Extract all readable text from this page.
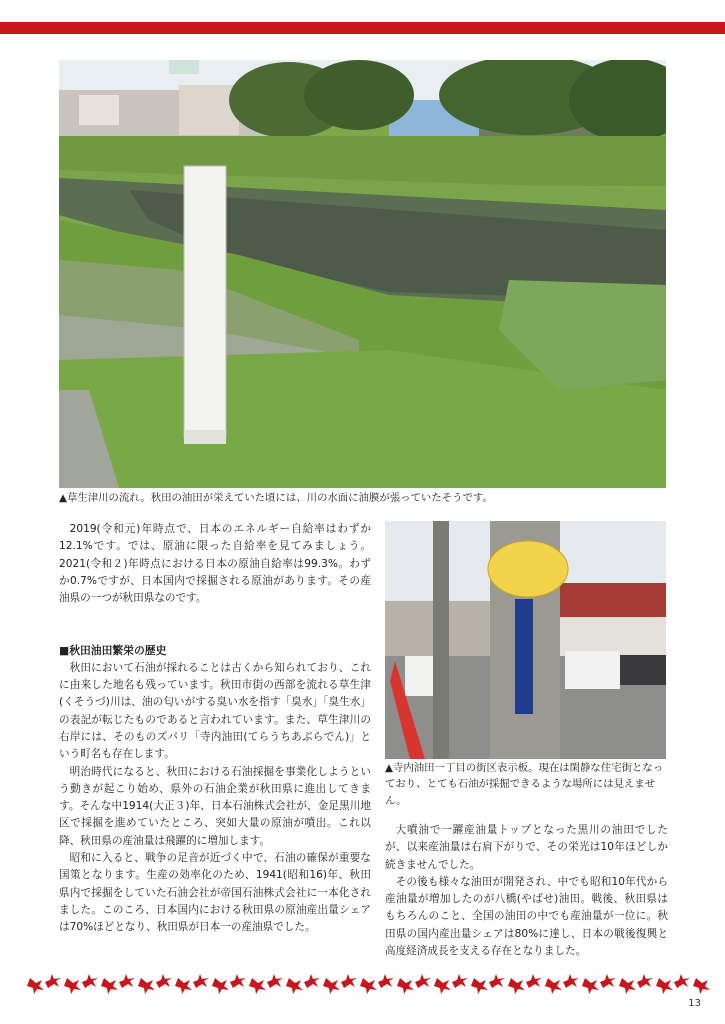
▲草生津川の流れ。秋田の油田が栄えていた頃には、川の水面に油膜が張っていたそうです。

2019(令和元)年時点で、日本のエネルギー自給率はわずか12.1%です。では、原油に限った自給率を見てみましょう。2021(令和２)年時点における日本の原油自給率は99.3%。わずか0.7%ですが、日本国内で採掘される原油があります。その産油県の一つが秋田県なのです。

■秋田油田繁栄の歴史

秋田において石油が採れることは古くから知られており、これに由来した地名も残っています。秋田市街の西部を流れる草生津(くそうづ)川は、油の匂いがする臭い水を指す「臭水」「臭生水」の表記が転じたものであると言われています。また、草生津川の右岸には、そのものズバリ「寺内油田(てらうちあぶらでん)」という町名も存在します。

明治時代になると、秋田における石油採掘を事業化しようという動きが起こり始め、県外の石油企業が秋田県に進出してきます。そんな中1914(大正３)年、日本石油株式会社が、金足黒川地区で採掘を進めていたところ、突如大量の原油が噴出。これ以降、秋田県の産油量は飛躍的に増加します。

昭和に入ると、戦争の足音が近づく中で、石油の確保が重要な国策となります。生産の効率化のため、1941(昭和16)年、秋田県内で採掘をしていた石油会社が帝国石油株式会社に一本化されました。このころ、日本国内における秋田県の原油産出量シェアは70%ほどとなり、秋田県が日本一の産油県でした。

▲寺内油田一丁目の街区表示板。現在は閑静な住宅街となっており、とても石油が採掘できるような場所には見えません。

大噴油で一躍産油量トップとなった黒川の油田でしたが、以来産油量は右肩下がりで、その栄光は10年ほどしか続きませんでした。

その後も様々な油田が開発され、中でも昭和10年代から産油量が増加したのが八橋(やばせ)油田。戦後、秋田県はもちろんのこと、全国の油田の中でも産油量が一位に。秋田県の国内産出量シェアは80%に達し、日本の戦後復興と高度経済成長を支える存在となりました。

13
